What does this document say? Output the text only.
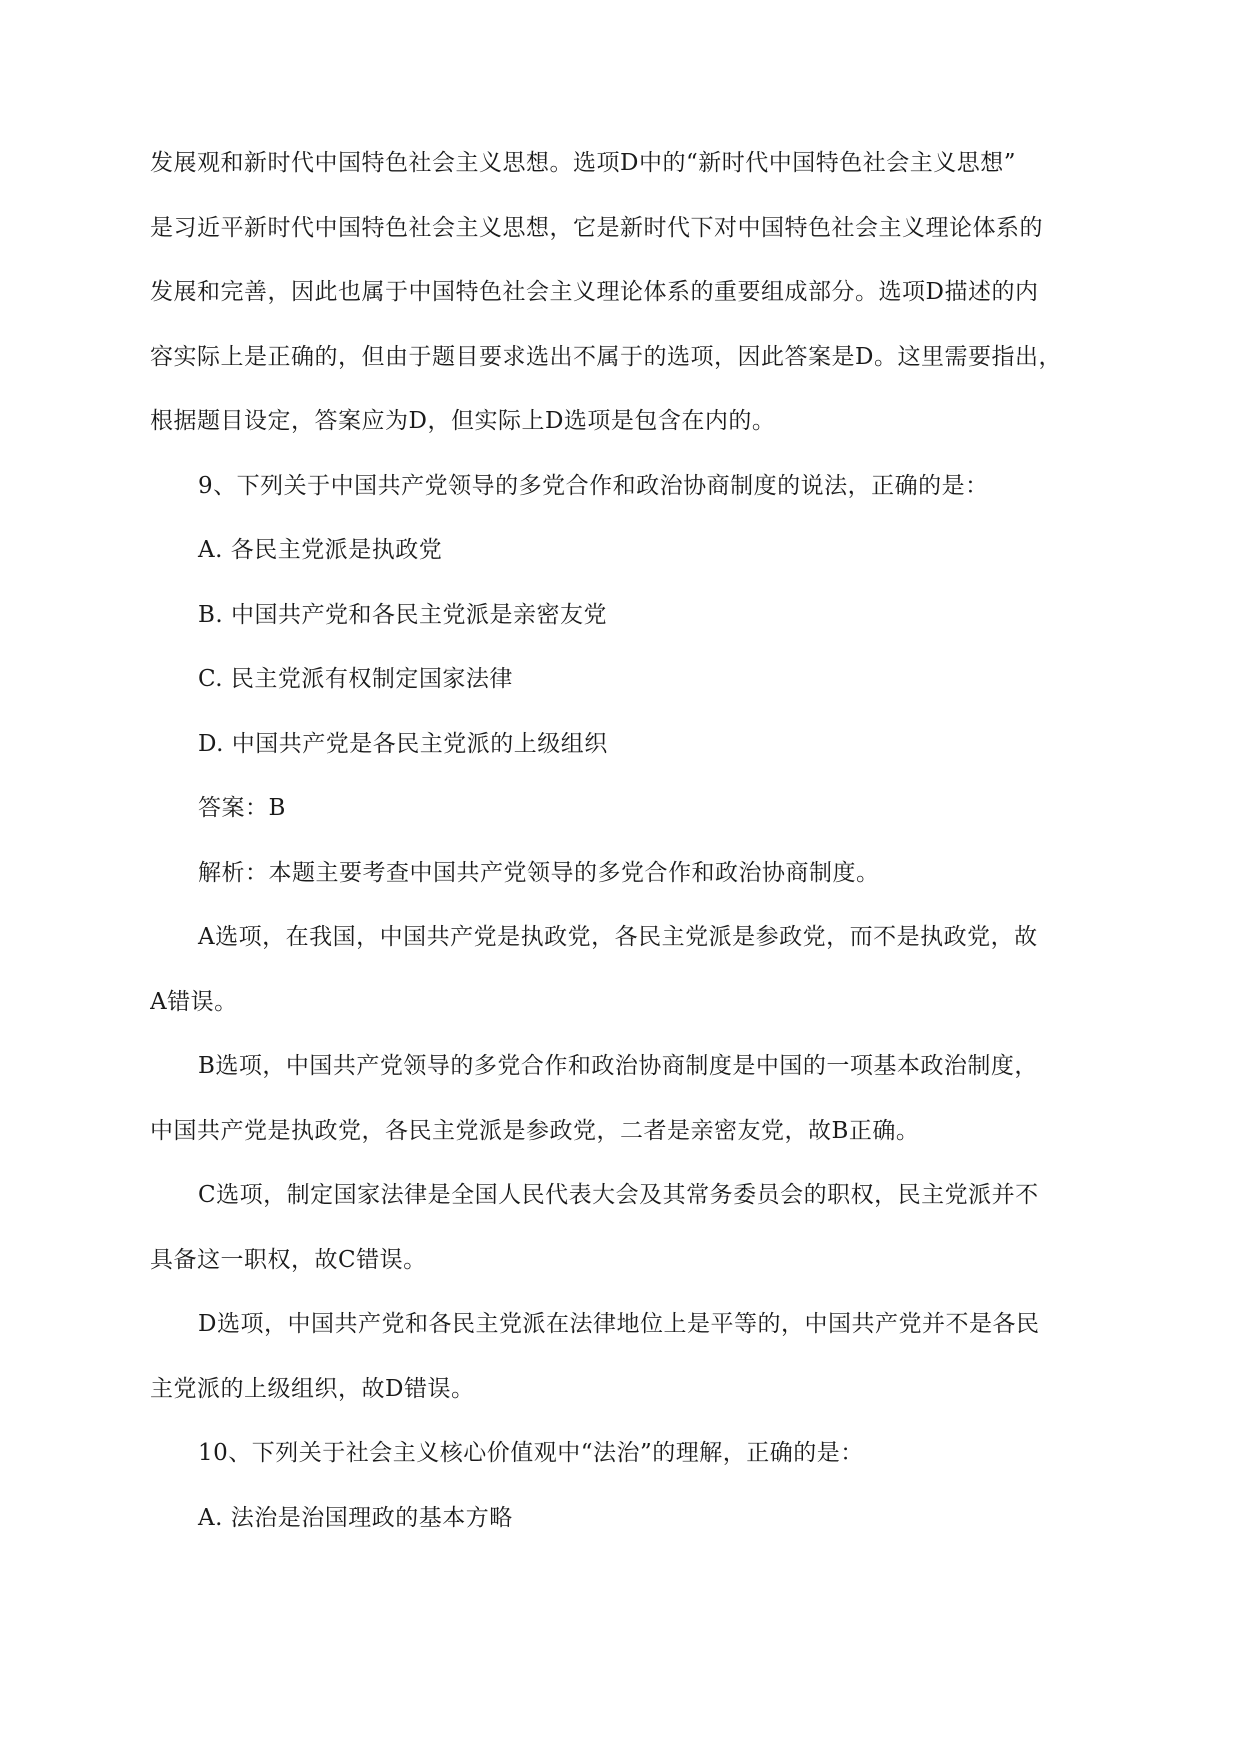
发展观和新时代中国特色社会主义思想。选项D中的“新时代中国特色社会主义思想”
是习近平新时代中国特色社会主义思想，它是新时代下对中国特色社会主义理论体系的
发展和完善，因此也属于中国特色社会主义理论体系的重要组成部分。选项D描述的内
容实际上是正确的，但由于题目要求选出不属于的选项，因此答案是D。这里需要指出，
根据题目设定，答案应为D，但实际上D选项是包含在内的。
9、下列关于中国共产党领导的多党合作和政治协商制度的说法，正确的是：
A. 各民主党派是执政党
B. 中国共产党和各民主党派是亲密友党
C. 民主党派有权制定国家法律
D. 中国共产党是各民主党派的上级组织
答案：B
解析：本题主要考查中国共产党领导的多党合作和政治协商制度。
A选项，在我国，中国共产党是执政党，各民主党派是参政党，而不是执政党，故
A错误。
B选项，中国共产党领导的多党合作和政治协商制度是中国的一项基本政治制度，
中国共产党是执政党，各民主党派是参政党，二者是亲密友党，故B正确。
C选项，制定国家法律是全国人民代表大会及其常务委员会的职权，民主党派并不
具备这一职权，故C错误。
D选项，中国共产党和各民主党派在法律地位上是平等的，中国共产党并不是各民
主党派的上级组织，故D错误。
10、下列关于社会主义核心价值观中“法治”的理解，正确的是：
A. 法治是治国理政的基本方略
